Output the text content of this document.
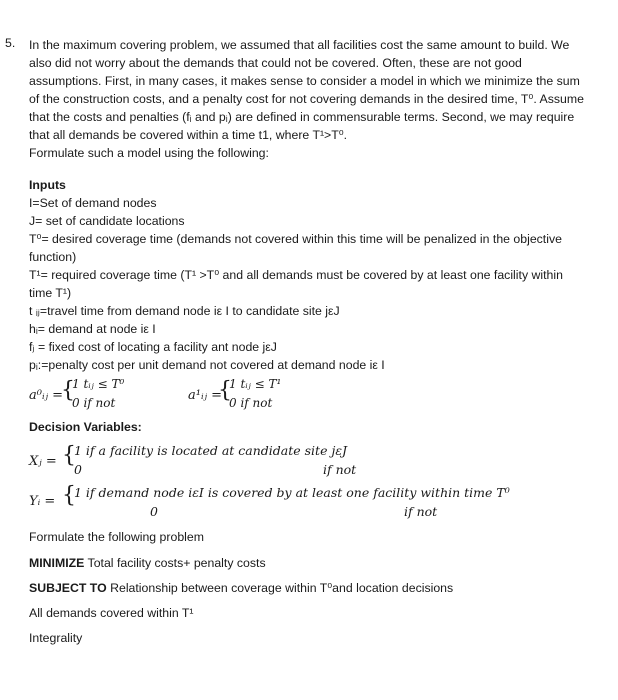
5. In the maximum covering problem, we assumed that all facilities cost the same amount to build. We
also did not worry about the demands that could not be covered. Often, these are not good
assumptions. First, in many cases, it makes sense to consider a model in which we minimize the sum
of the construction costs, and a penalty cost for not covering demands in the desired time, T⁰. Assume
that the costs and penalties (fᵢ and pᵢ) are defined in commensurable terms. Second, we may require
that all demands be covered within a time t1, where T¹>T⁰.
Formulate such a model using the following:
Inputs
I=Set of demand nodes
J= set of candidate locations
T⁰= desired coverage time (demands not covered within this time will be penalized in the objective
function)
T¹= required coverage time (T¹ >T⁰ and all demands must be covered by at least one facility within
time T¹)
t ᵢⱼ=travel time from demand node iε I to candidate site jεJ
hᵢ= demand at node iε I
fⱼ = fixed cost of locating a facility ant node jεJ
pᵢ:=penalty cost per unit demand not covered at demand node iε I
a⁰ᵢⱼ =
{
1 tᵢⱼ ≤ T⁰
0 if not	a¹ᵢⱼ =
{
1 tᵢⱼ ≤ T¹
0 if not
Decision Variables:
Xⱼ = {
1 if a facility is located at candidate site jεJ
0	if not
Yᵢ = {
1 if demand node iεI is covered by at least one facility within time T⁰
0	if not
Formulate the following problem
MINIMIZE Total facility costs+ penalty costs
SUBJECT TO Relationship between coverage within T⁰and location decisions
All demands covered within T¹
Integrality
